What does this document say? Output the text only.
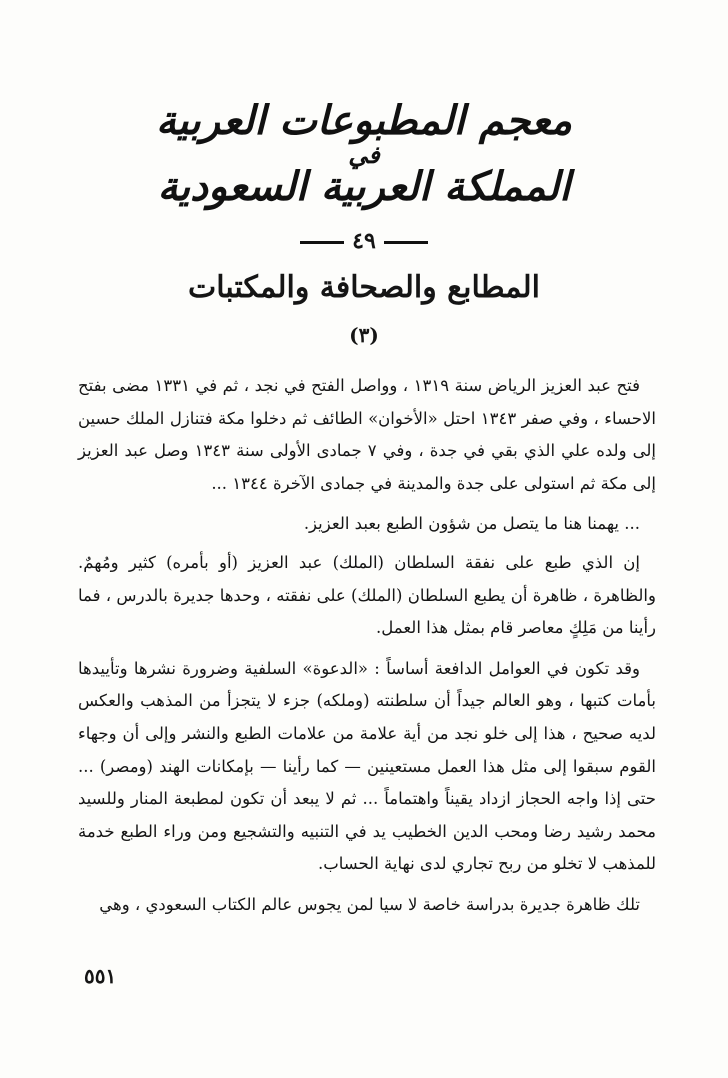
معجم المطبوعات العربية
في
المملكة العربية السعودية
٤٩
المطابع والصحافة والمكتبات
(٣)

فتح عبد العزيز الرياض سنة ١٣١٩ ، وواصل الفتح في نجد ، ثم في ١٣٣١ مضى بفتح الاحساء ، وفي صفر ١٣٤٣ احتل «الأخوان» الطائف ثم دخلوا مكة فتنازل الملك حسين إلى ولده علي الذي بقي في جدة ، وفي ٧ جمادى الأولى سنة ١٣٤٣ وصل عبد العزيز إلى مكة ثم استولى على جدة والمدينة في جمادى الآخرة ١٣٤٤ ...

... يهمنا هنا ما يتصل من شؤون الطبع بعبد العزيز.

إن الذي طبع على نفقة السلطان (الملك) عبد العزيز (أو بأمره) كثير ومُهمٌ. والظاهرة ، ظاهرة أن يطبع السلطان (الملك) على نفقته ، وحدها جديرة بالدرس ، فما رأينا من مَلِكٍ معاصر قام بمثل هذا العمل.

وقد تكون في العوامل الدافعة أساساً : «الدعوة» السلفية وضرورة نشرها وتأييدها بأمات كتبها ، وهو العالم جيداً أن سلطنته (وملكه) جزء لا يتجزأ من المذهب والعكس لديه صحيح ، هذا إلى خلو نجد من أية علامة من علامات الطبع والنشر وإلى أن وجهاء القوم سبقوا إلى مثل هذا العمل مستعينين — كما رأينا — بإمكانات الهند (ومصر) ... حتى إذا واجه الحجاز ازداد يقيناً واهتماماً ... ثم لا يبعد أن تكون لمطبعة المنار وللسيد محمد رشيد رضا ومحب الدين الخطيب يد في التنبيه والتشجيع ومن وراء الطبع خدمة للمذهب لا تخلو من ربح تجاري لدى نهاية الحساب.

تلك ظاهرة جديرة بدراسة خاصة لا سيا لمن يجوس عالم الكتاب السعودي ، وهي

٥٥١
